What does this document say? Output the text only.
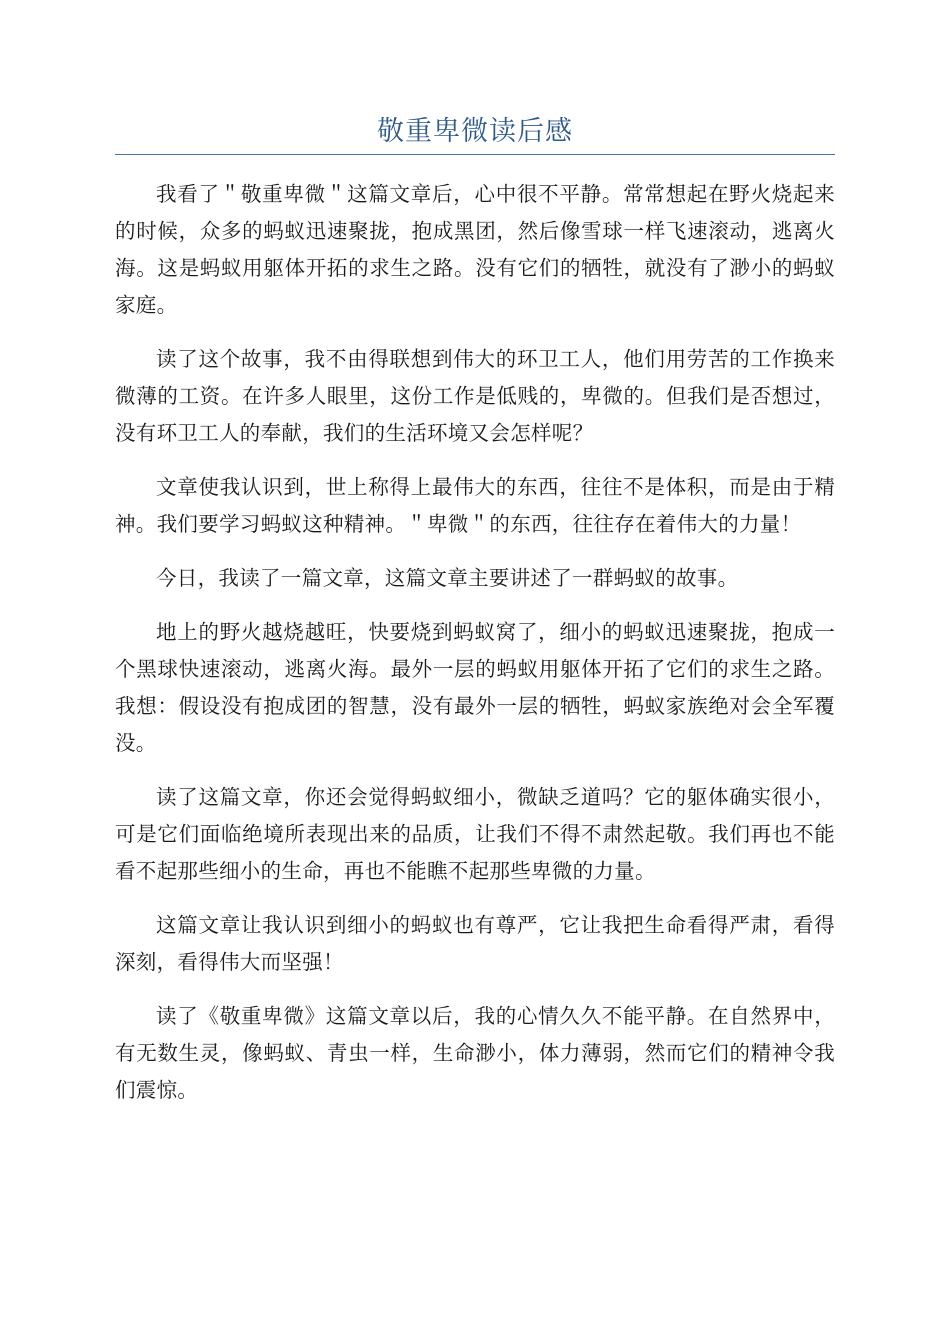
敬重卑微读后感

我看了＂敬重卑微＂这篇文章后，心中很不平静。常常想起在野火烧起来的时候，众多的蚂蚁迅速聚拢，抱成黑团，然后像雪球一样飞速滚动，逃离火海。这是蚂蚁用躯体开拓的求生之路。没有它们的牺牲，就没有了渺小的蚂蚁家庭。

读了这个故事，我不由得联想到伟大的环卫工人，他们用劳苦的工作换来微薄的工资。在许多人眼里，这份工作是低贱的，卑微的。但我们是否想过，没有环卫工人的奉献，我们的生活环境又会怎样呢？

文章使我认识到，世上称得上最伟大的东西，往往不是体积，而是由于精神。我们要学习蚂蚁这种精神。＂卑微＂的东西，往往存在着伟大的力量！

今日，我读了一篇文章，这篇文章主要讲述了一群蚂蚁的故事。

地上的野火越烧越旺，快要烧到蚂蚁窝了，细小的蚂蚁迅速聚拢，抱成一个黑球快速滚动，逃离火海。最外一层的蚂蚁用躯体开拓了它们的求生之路。我想：假设没有抱成团的智慧，没有最外一层的牺牲，蚂蚁家族绝对会全军覆没。

读了这篇文章，你还会觉得蚂蚁细小，微缺乏道吗？它的躯体确实很小，可是它们面临绝境所表现出来的品质，让我们不得不肃然起敬。我们再也不能看不起那些细小的生命，再也不能瞧不起那些卑微的力量。

这篇文章让我认识到细小的蚂蚁也有尊严，它让我把生命看得严肃，看得深刻，看得伟大而坚强！

读了《敬重卑微》这篇文章以后，我的心情久久不能平静。在自然界中，有无数生灵，像蚂蚁、青虫一样，生命渺小，体力薄弱，然而它们的精神令我们震惊。
